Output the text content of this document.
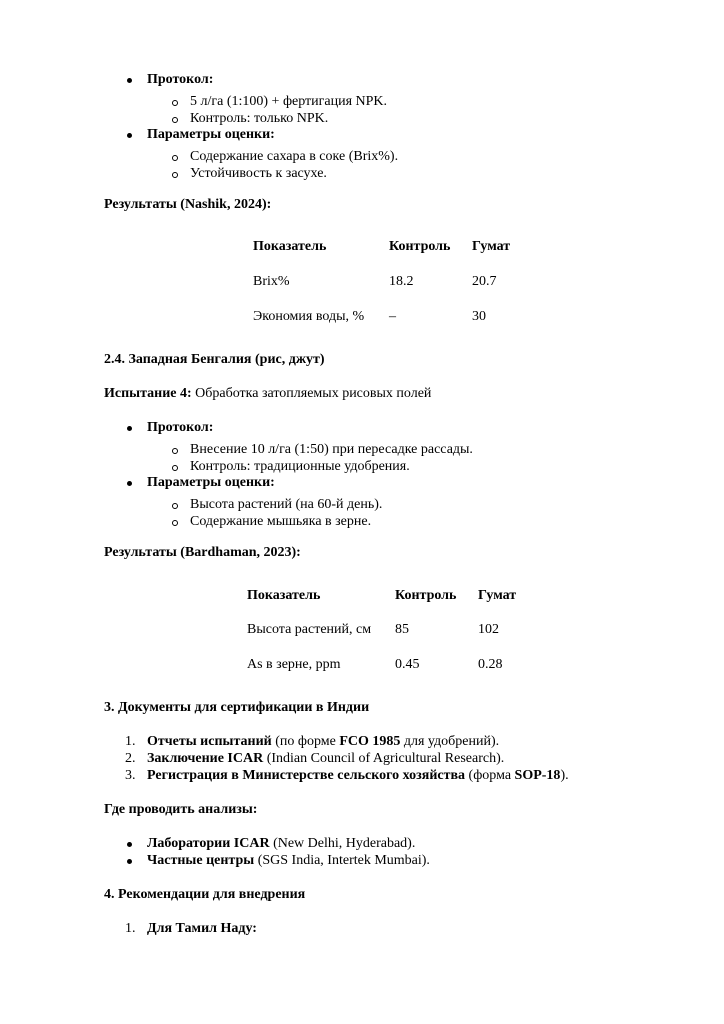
Протокол:
5 л/га (1:100) + фертигация NPK.
Контроль: только NPK.
Параметры оценки:
Содержание сахара в соке (Brix%).
Устойчивость к засухе.
Результаты (Nashik, 2024):
Показатель	Контроль Гумат
Brix%	18.2	20.7
Экономия воды, % –	30
2.4. Западная Бенгалия (рис, джут)
Испытание 4: Обработка затопляемых рисовых полей
Протокол:
Внесение 10 л/га (1:50) при пересадке рассады.
Контроль: традиционные удобрения.
Параметры оценки:
Высота растений (на 60-й день).
Содержание мышьяка в зерне.
Результаты (Bardhaman, 2023):
Показатель	Контроль Гумат
Высота растений, см 85	102
As в зерне, ppm	0.45	0.28
3. Документы для сертификации в Индии
1. Отчеты испытаний (по форме FCO 1985 для удобрений).
2. Заключение ICAR (Indian Council of Agricultural Research).
3. Регистрация в Министерстве сельского хозяйства (форма SOP-18).
Где проводить анализы:
Лаборатории ICAR (New Delhi, Hyderabad).
Частные центры (SGS India, Intertek Mumbai).
4. Рекомендации для внедрения
1. Для Тамил Наду:
